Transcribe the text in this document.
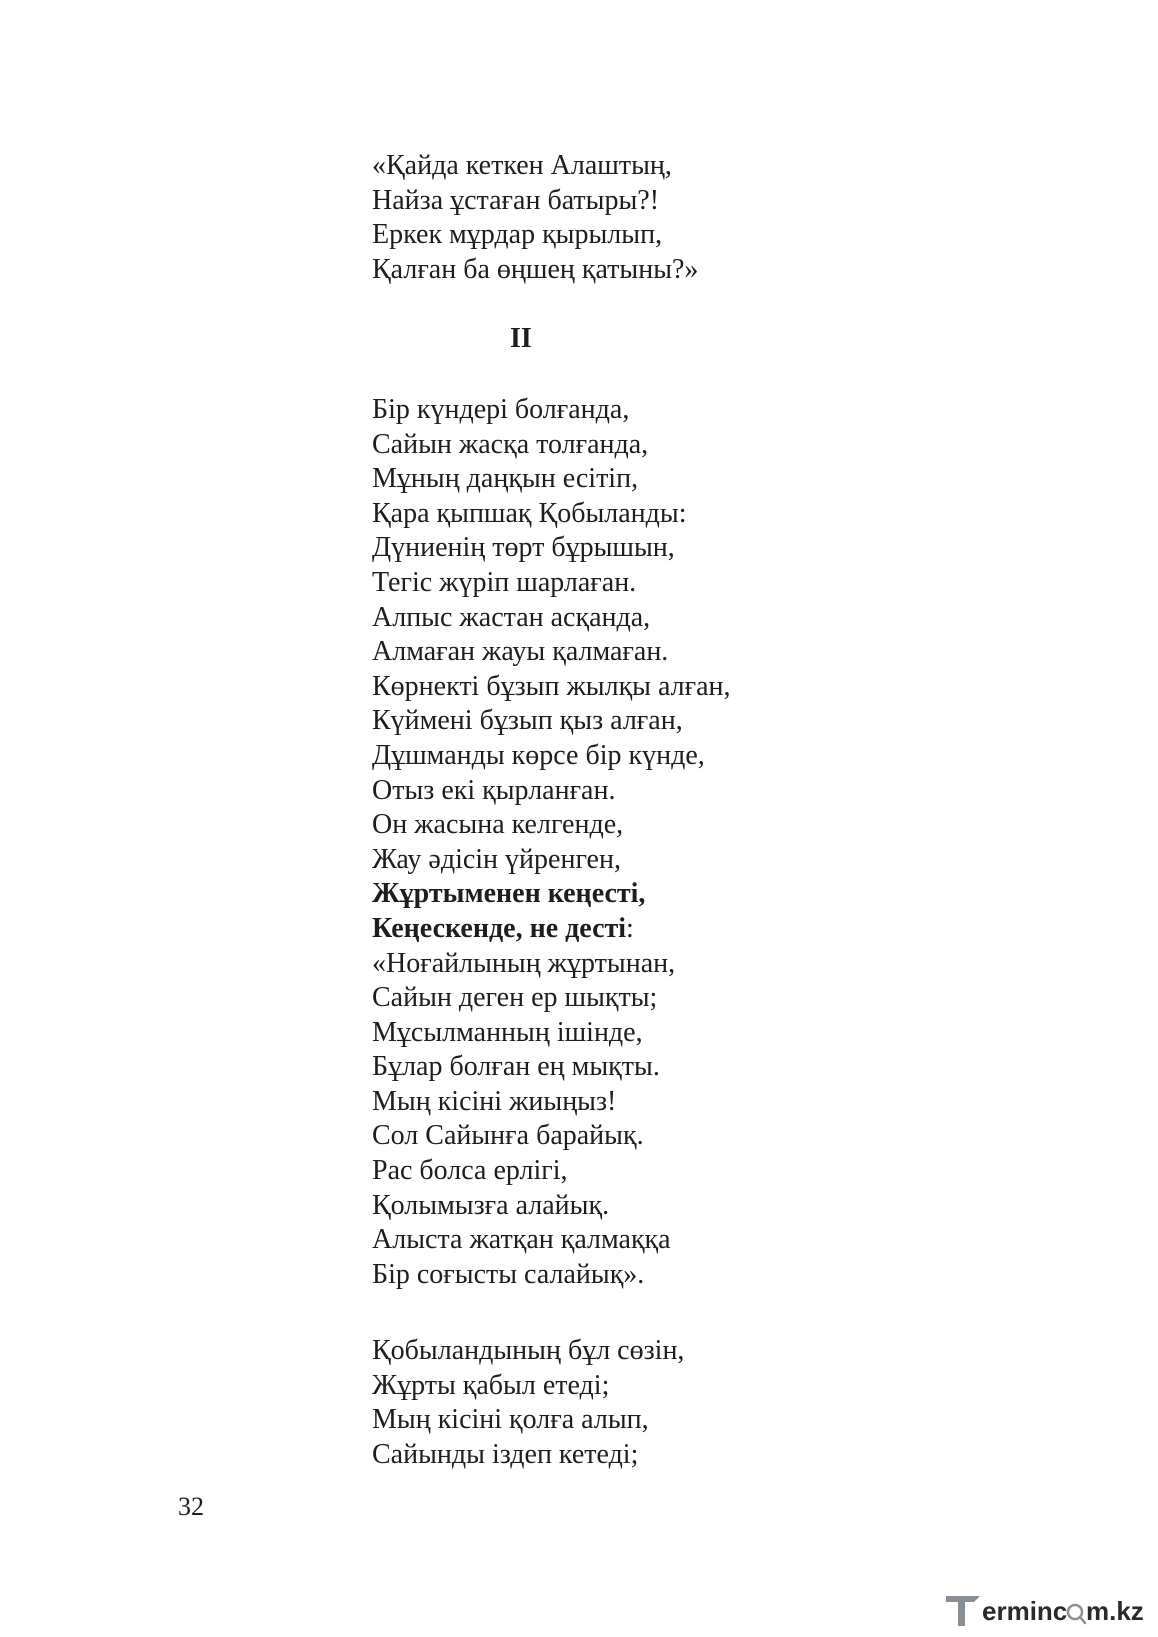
«Қайда кеткен Алаштың,
Найза ұстаған батыры?!
Еркек мұрдар қырылып,
Қалған ба өңшең қатыны?»
II
Бір күндері болғанда,
Сайын жасқа толғанда,
Мұның даңқын есітіп,
Қара қыпшақ Қобыланды:
Дүниенің төрт бұрышын,
Тегіс жүріп шарлаған.
Алпыс жастан асқанда,
Алмаған жауы қалмаған.
Көрнекті бұзып жылқы алған,
Күймені бұзып қыз алған,
Дұшманды көрсе бір күнде,
Отыз екі қырланған.
Он жасына келгенде,
Жау әдісін үйренген,
Жұртыменен кеңесті,
Кеңескенде, не десті:
«Ноғайлының жұртынан,
Сайын деген ер шықты;
Мұсылманның ішінде,
Бұлар болған ең мықты.
Мың кісіні жиыңыз!
Сол Сайынға барайық.
Рас болса ерлігі,
Қолымызға алайық.
Алыста жатқан қалмаққа
Бір соғысты салайық».
Қобыландының бұл сөзін,
Жұрты қабыл етеді;
Мың кісіні қолға алып,
Сайынды іздеп кетеді;
32
erminc m.kz
